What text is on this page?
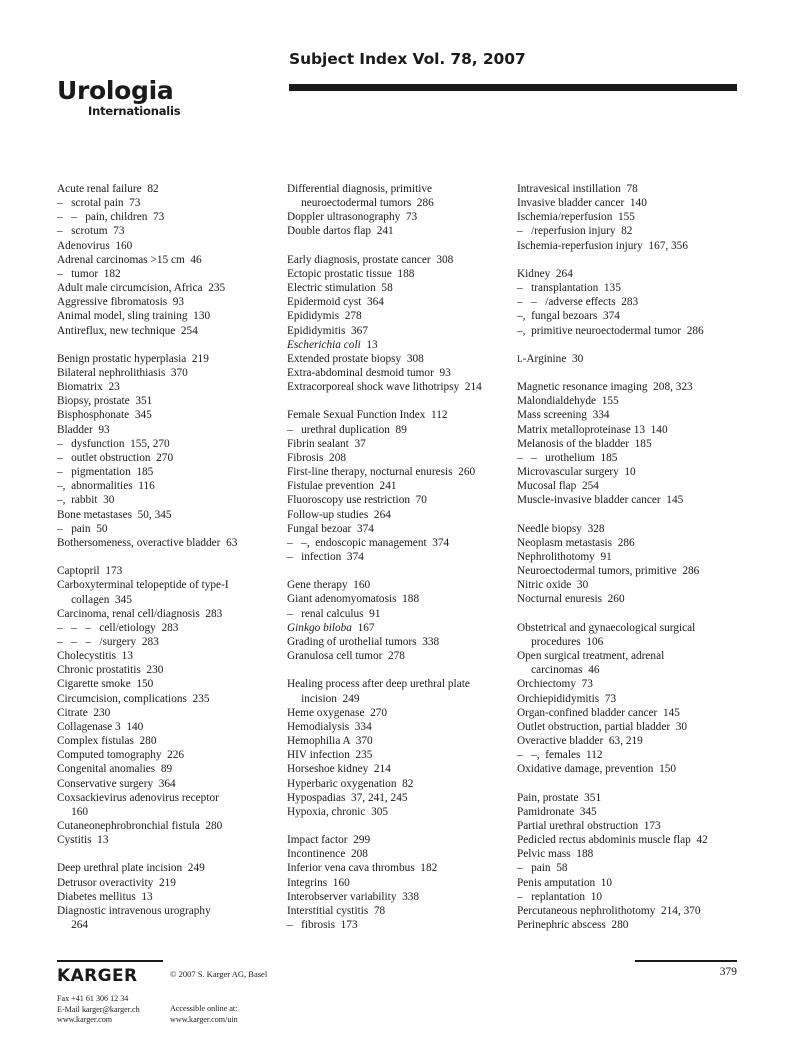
Urologia
Internationalis
Subject Index Vol. 78, 2007
Acute renal failure  82
–   scrotal pain  73
–   –   pain, children  73
–   scrotum  73
Adenovirus  160
Adrenal carcinomas >15 cm  46
–   tumor  182
Adult male circumcision, Africa  235
Aggressive fibromatosis  93
Animal model, sling training  130
Antireflux, new technique  254
Benign prostatic hyperplasia  219
Bilateral nephrolithiasis  370
Biomatrix  23
Biopsy, prostate  351
Bisphosphonate  345
Bladder  93
–   dysfunction  155, 270
–   outlet obstruction  270
–   pigmentation  185
–,  abnormalities  116
–,  rabbit  30
Bone metastases  50, 345
–   pain  50
Bothersomeness, overactive bladder  63
Captopril  173
Carboxyterminal telopeptide of type-I
collagen  345
Carcinoma, renal cell/diagnosis  283
–   –   –   cell/etiology  283
–   –   –   /surgery  283
Cholecystitis  13
Chronic prostatitis  230
Cigarette smoke  150
Circumcision, complications  235
Citrate  230
Collagenase 3  140
Complex fistulas  280
Computed tomography  226
Congenital anomalies  89
Conservative surgery  364
Coxsackievirus adenovirus receptor
160
Cutaneonephrobronchial fistula  280
Cystitis  13
Deep urethral plate incision  249
Detrusor overactivity  219
Diabetes mellitus  13
Diagnostic intravenous urography
264
Differential diagnosis, primitive
neuroectodermal tumors  286
Doppler ultrasonography  73
Double dartos flap  241
Early diagnosis, prostate cancer  308
Ectopic prostatic tissue  188
Electric stimulation  58
Epidermoid cyst  364
Epididymis  278
Epididymitis  367
Escherichia coli  13
Extended prostate biopsy  308
Extra-abdominal desmoid tumor  93
Extracorporeal shock wave lithotripsy  214
Female Sexual Function Index  112
–   urethral duplication  89
Fibrin sealant  37
Fibrosis  208
First-line therapy, nocturnal enuresis  260
Fistulae prevention  241
Fluoroscopy use restriction  70
Follow-up studies  264
Fungal bezoar  374
–   –,  endoscopic management  374
–   infection  374
Gene therapy  160
Giant adenomyomatosis  188
–   renal calculus  91
Ginkgo biloba  167
Grading of urothelial tumors  338
Granulosa cell tumor  278
Healing process after deep urethral plate
incision  249
Heme oxygenase  270
Hemodialysis  334
Hemophilia A  370
HIV infection  235
Horseshoe kidney  214
Hyperbaric oxygenation  82
Hypospadias  37, 241, 245
Hypoxia, chronic  305
Impact factor  299
Incontinence  208
Inferior vena cava thrombus  182
Integrins  160
Interobserver variability  338
Interstitial cystitis  78
–   fibrosis  173
Intravesical instillation  78
Invasive bladder cancer  140
Ischemia/reperfusion  155
–   /reperfusion injury  82
Ischemia-reperfusion injury  167, 356
Kidney  264
–   transplantation  135
–   –   /adverse effects  283
–,  fungal bezoars  374
–,  primitive neuroectodermal tumor  286
L-Arginine  30
Magnetic resonance imaging  208, 323
Malondialdehyde  155
Mass screening  334
Matrix metalloproteinase 13  140
Melanosis of the bladder  185
–   –   urothelium  185
Microvascular surgery  10
Mucosal flap  254
Muscle-invasive bladder cancer  145
Needle biopsy  328
Neoplasm metastasis  286
Nephrolithotomy  91
Neuroectodermal tumors, primitive  286
Nitric oxide  30
Nocturnal enuresis  260
Obstetrical and gynaecological surgical
procedures  106
Open surgical treatment, adrenal
carcinomas  46
Orchiectomy  73
Orchiepididymitis  73
Organ-confined bladder cancer  145
Outlet obstruction, partial bladder  30
Overactive bladder  63, 219
–   –,  females  112
Oxidative damage, prevention  150
Pain, prostate  351
Pamidronate  345
Partial urethral obstruction  173
Pedicled rectus abdominis muscle flap  42
Pelvic mass  188
–   pain  58
Penis amputation  10
–   replantation  10
Percutaneous nephrolithotomy  214, 370
Perinephric abscess  280
KARGER	© 2007 S. Karger AG, Basel
Fax +41 61 306 12 34
E-Mail karger@karger.ch
www.karger.com
Accessible online at:
www.karger.com/uin
379
